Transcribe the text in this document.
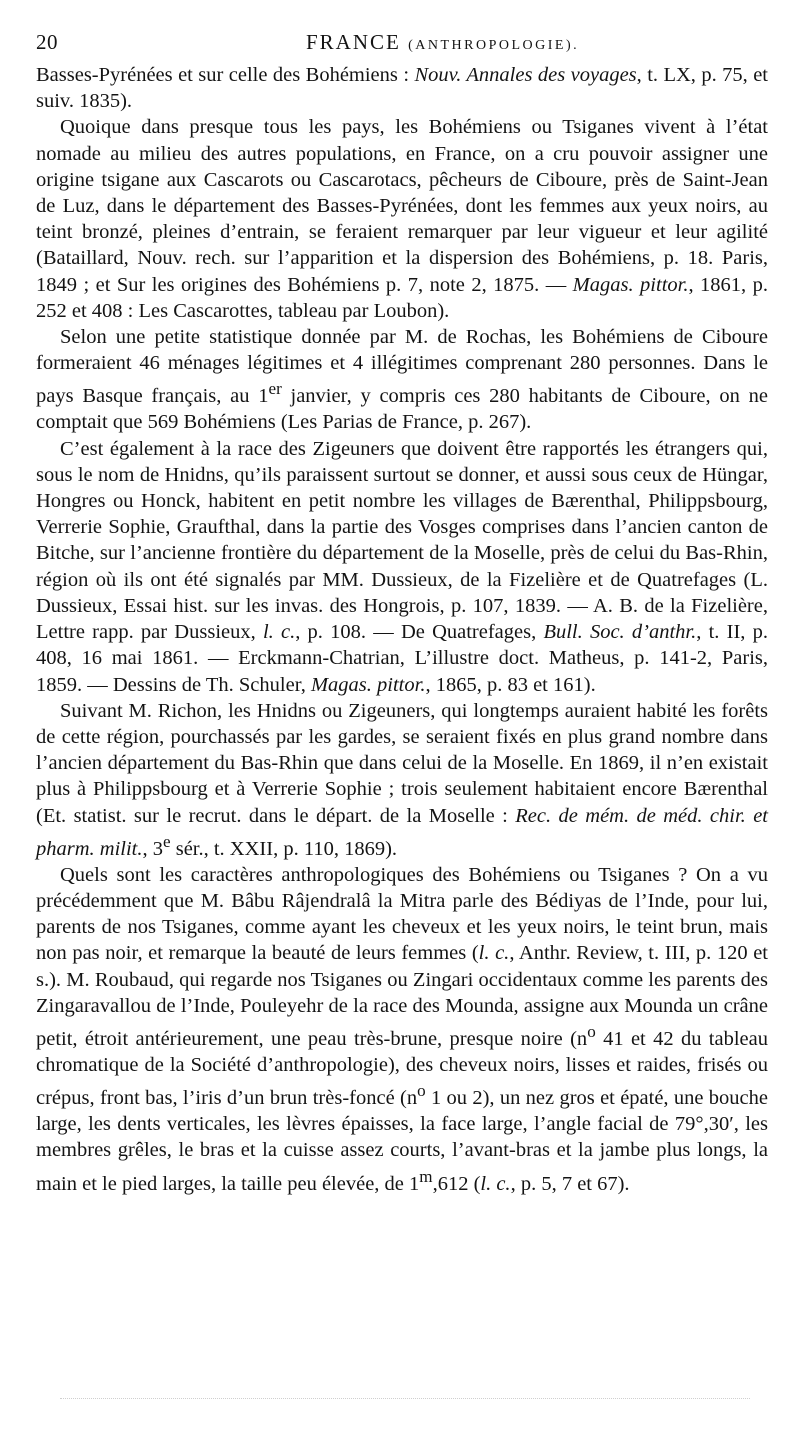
20	FRANCE (ANTHROPOLOGIE).

Basses-Pyrénées et sur celle des Bohémiens : Nouv. Annales des voyages, t. LX, p. 75, et suiv. 1835).

Quoique dans presque tous les pays, les Bohémiens ou Tsiganes vivent à l’état nomade au milieu des autres populations, en France, on a cru pouvoir assigner une origine tsigane aux Cascarots ou Cascarotacs, pêcheurs de Ciboure, près de Saint-Jean de Luz, dans le département des Basses-Pyrénées, dont les femmes aux yeux noirs, au teint bronzé, pleines d’entrain, se feraient remarquer par leur vigueur et leur agilité (Bataillard, Nouv. rech. sur l’apparition et la dispersion des Bohémiens, p. 18. Paris, 1849 ; et Sur les origines des Bohémiens p. 7, note 2, 1875. — Magas. pittor., 1861, p. 252 et 408 : Les Cascarottes, tableau par Loubon).

Selon une petite statistique donnée par M. de Rochas, les Bohémiens de Ciboure formeraient 46 ménages légitimes et 4 illégitimes comprenant 280 personnes. Dans le pays Basque français, au 1er janvier, y compris ces 280 habitants de Ciboure, on ne comptait que 569 Bohémiens (Les Parias de France, p. 267).

C’est également à la race des Zigeuners que doivent être rapportés les étrangers qui, sous le nom de Hnidns, qu’ils paraissent surtout se donner, et aussi sous ceux de Hüngar, Hongres ou Honck, habitent en petit nombre les villages de Bærenthal, Philippsbourg, Verrerie Sophie, Graufthal, dans la partie des Vosges comprises dans l’ancien canton de Bitche, sur l’ancienne frontière du département de la Moselle, près de celui du Bas-Rhin, région où ils ont été signalés par MM. Dussieux, de la Fizelière et de Quatrefages (L. Dussieux, Essai hist. sur les invas. des Hongrois, p. 107, 1839. — A. B. de la Fizelière, Lettre rapp. par Dussieux, l. c., p. 108. — De Quatrefages, Bull. Soc. d’anthr., t. II, p. 408, 16 mai 1861. — Erckmann-Chatrian, L’illustre doct. Matheus, p. 141-2, Paris, 1859. — Dessins de Th. Schuler, Magas. pittor., 1865, p. 83 et 161).

Suivant M. Richon, les Hnidns ou Zigeuners, qui longtemps auraient habité les forêts de cette région, pourchassés par les gardes, se seraient fixés en plus grand nombre dans l’ancien département du Bas-Rhin que dans celui de la Moselle. En 1869, il n’en existait plus à Philippsbourg et à Verrerie Sophie ; trois seulement habitaient encore Bærenthal (Et. statist. sur le recrut. dans le départ. de la Moselle : Rec. de mém. de méd. chir. et pharm. milit., 3e sér., t. XXII, p. 110, 1869).

Quels sont les caractères anthropologiques des Bohémiens ou Tsiganes ? On a vu précédemment que M. Bâbu Râjendralâ la Mitra parle des Bédiyas de l’Inde, pour lui, parents de nos Tsiganes, comme ayant les cheveux et les yeux noirs, le teint brun, mais non pas noir, et remarque la beauté de leurs femmes (l. c., Anthr. Review, t. III, p. 120 et s.). M. Roubaud, qui regarde nos Tsiganes ou Zingari occidentaux comme les parents des Zingaravallou de l’Inde, Pouleyehr de la race des Mounda, assigne aux Mounda un crâne petit, étroit antérieurement, une peau très-brune, presque noire ($n^o$ 41 et 42 du tableau chromatique de la Société d’anthropologie), des cheveux noirs, lisses et raides, frisés ou crépus, front bas, l’iris d’un brun très-foncé ($n^o$ 1 ou 2), un nez gros et épaté, une bouche large, les dents verticales, les lèvres épaisses, la face large, l’angle facial de 79°,30′, les membres grêles, le bras et la cuisse assez courts, l’avant-bras et la jambe plus longs, la main et le pied larges, la taille peu élevée, de 1$^m$,612 (l. c., p. 5, 7 et 67).
